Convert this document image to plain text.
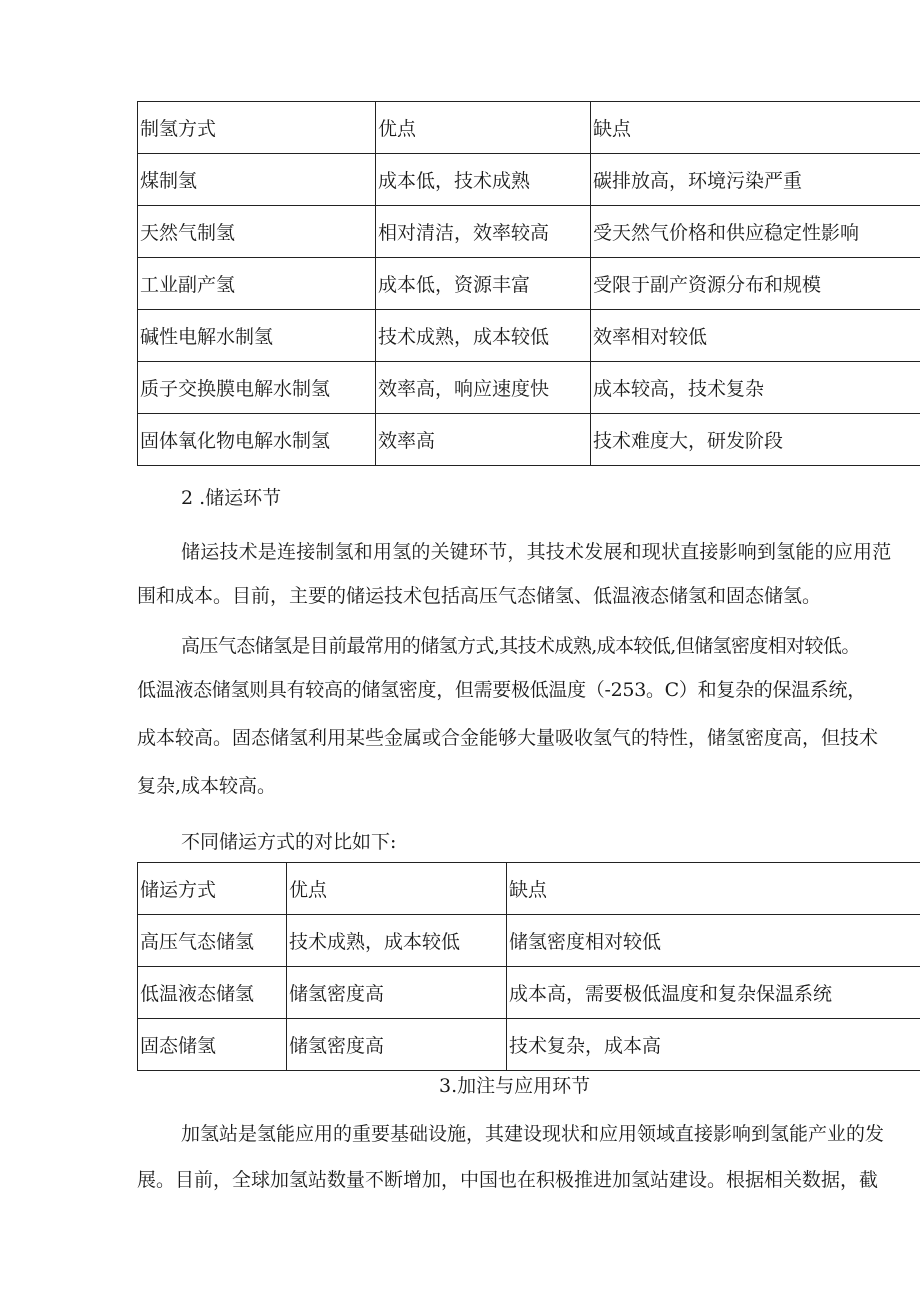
制氢方式	优点	缺点
煤制氢	成本低，技术成熟	碳排放高，环境污染严重
天然气制氢	相对清洁，效率较高	受天然气价格和供应稳定性影响
工业副产氢	成本低，资源丰富	受限于副产资源分布和规模
碱性电解水制氢	技术成熟，成本较低	效率相对较低
质子交换膜电解水制氢	效率高，响应速度快	成本较高，技术复杂
固体氧化物电解水制氢	效率高	技术难度大，研发阶段
2 .储运环节
储运技术是连接制氢和用氢的关键环节，其技术发展和现状直接影响到氢能的应用范
围和成本。目前，主要的储运技术包括高压气态储氢、低温液态储氢和固态储氢。
高压气态储氢是目前最常用的储氢方式,其技术成熟,成本较低,但储氢密度相对较低。
低温液态储氢则具有较高的储氢密度，但需要极低温度（-253。C）和复杂的保温系统，
成本较高。固态储氢利用某些金属或合金能够大量吸收氢气的特性，储氢密度高，但技术
复杂,成本较高。
不同储运方式的对比如下:
储运方式	优点	缺点
高压气态储氢	技术成熟，成本较低	储氢密度相对较低
低温液态储氢	储氢密度高	成本高，需要极低温度和复杂保温系统
固态储氢	储氢密度高	技术复杂，成本高
3.加注与应用环节
加氢站是氢能应用的重要基础设施，其建设现状和应用领域直接影响到氢能产业的发
展。目前，全球加氢站数量不断增加，中国也在积极推进加氢站建设。根据相关数据，截
